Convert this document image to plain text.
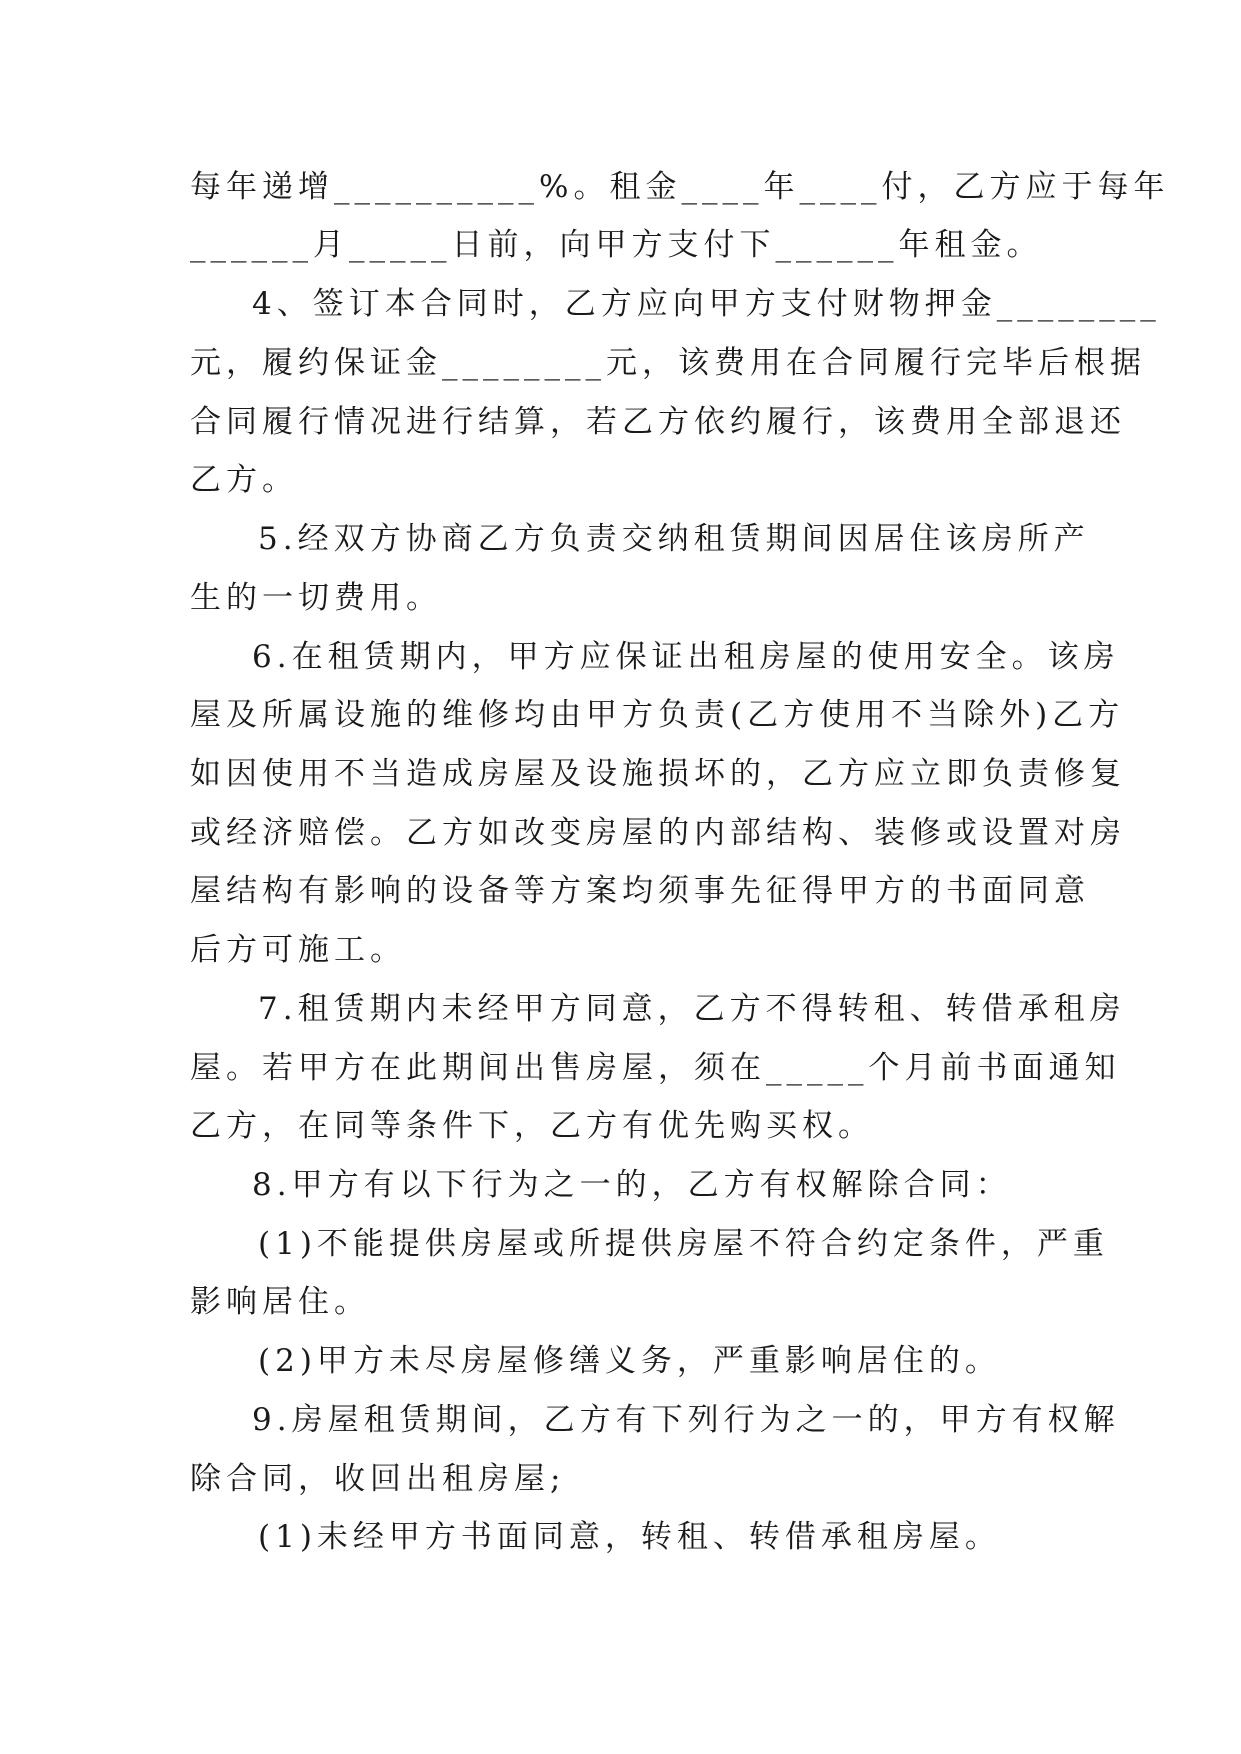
每年递增__________%。租金____年____付，乙方应于每年
______月_____日前，向甲方支付下______年租金。
4、签订本合同时，乙方应向甲方支付财物押金________
元，履约保证金________元，该费用在合同履行完毕后根据
合同履行情况进行结算，若乙方依约履行，该费用全部退还
乙方。
5.经双方协商乙方负责交纳租赁期间因居住该房所产
生的一切费用。
6.在租赁期内，甲方应保证出租房屋的使用安全。该房
屋及所属设施的维修均由甲方负责(乙方使用不当除外)乙方
如因使用不当造成房屋及设施损坏的，乙方应立即负责修复
或经济赔偿。乙方如改变房屋的内部结构、装修或设置对房
屋结构有影响的设备等方案均须事先征得甲方的书面同意
后方可施工。
7.租赁期内未经甲方同意，乙方不得转租、转借承租房
屋。若甲方在此期间出售房屋，须在_____个月前书面通知
乙方，在同等条件下，乙方有优先购买权。
8.甲方有以下行为之一的，乙方有权解除合同：
(1)不能提供房屋或所提供房屋不符合约定条件，严重
影响居住。
(2)甲方未尽房屋修缮义务，严重影响居住的。
9.房屋租赁期间，乙方有下列行为之一的，甲方有权解
除合同，收回出租房屋;
(1)未经甲方书面同意，转租、转借承租房屋。
